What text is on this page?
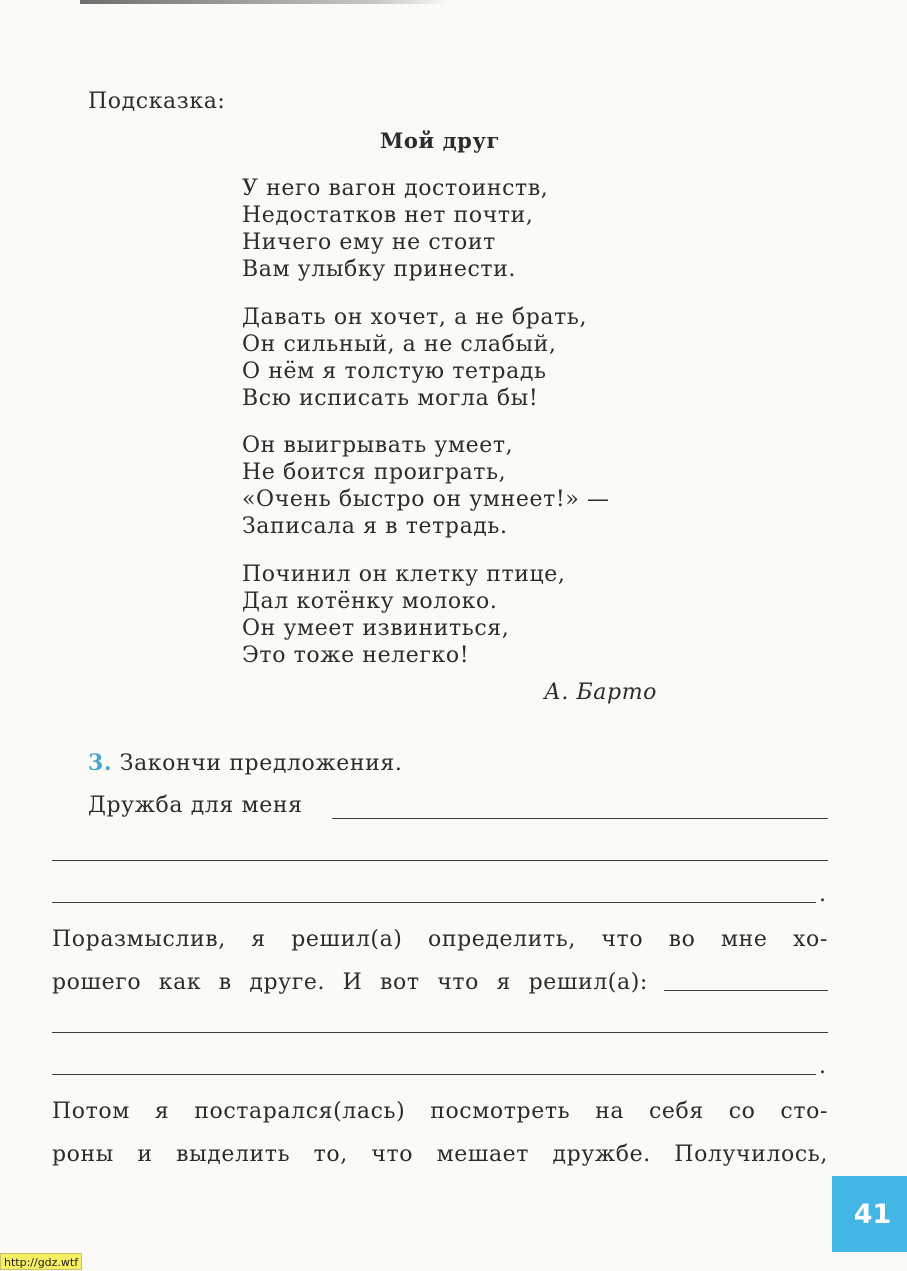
Подсказка:
Мой друг
У него вагон достоинств,
Недостатков нет почти,
Ничего ему не стоит
Вам улыбку принести.
Давать он хочет, а не брать,
Он сильный, а не слабый,
О нём я толстую тетрадь
Всю исписать могла бы!
Он выигрывать умеет,
Не боится проиграть,
«Очень быстро он умнеет!» —
Записала я в тетрадь.
Починил он клетку птице,
Дал котёнку молоко.
Он умеет извиниться,
Это тоже нелегко!
А. Барто
3. Закончи предложения.
Дружба для меня
.
Поразмыслив, я решил(а) определить, что во мне хо-
рошего как в друге. И вот что я решил(а):
.
Потом я постарался(лась) посмотреть на себя со сто-
роны и выделить то, что мешает дружбе. Получилось,
41
http://gdz.wtf
